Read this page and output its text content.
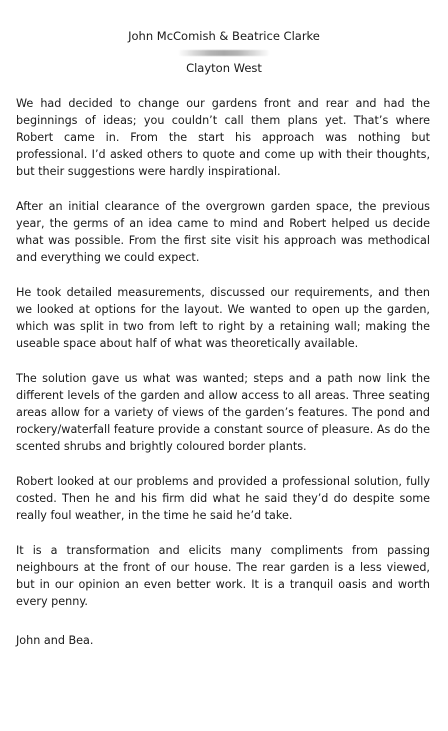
John McComish & Beatrice Clarke

Clayton West

We had decided to change our gardens front and rear and had the beginnings of ideas; you couldn’t call them plans yet. That’s where Robert came in. From the start his approach was nothing but professional. I’d asked others to quote and come up with their thoughts, but their suggestions were hardly inspirational.

After an initial clearance of the overgrown garden space, the previous year, the germs of an idea came to mind and Robert helped us decide what was possible. From the first site visit his approach was methodical and everything we could expect.

He took detailed measurements, discussed our requirements, and then we looked at options for the layout. We wanted to open up the garden, which was split in two from left to right by a retaining wall; making the useable space about half of what was theoretically available.

The solution gave us what was wanted; steps and a path now link the different levels of the garden and allow access to all areas. Three seating areas allow for a variety of views of the garden’s features. The pond and rockery/waterfall feature provide a constant source of pleasure. As do the scented shrubs and brightly coloured border plants.

Robert looked at our problems and provided a professional solution, fully costed. Then he and his firm did what he said they’d do despite some really foul weather, in the time he said he’d take.

It is a transformation and elicits many compliments from passing neighbours at the front of our house. The rear garden is a less viewed, but in our opinion an even better work. It is a tranquil oasis and worth every penny.

John and Bea.
